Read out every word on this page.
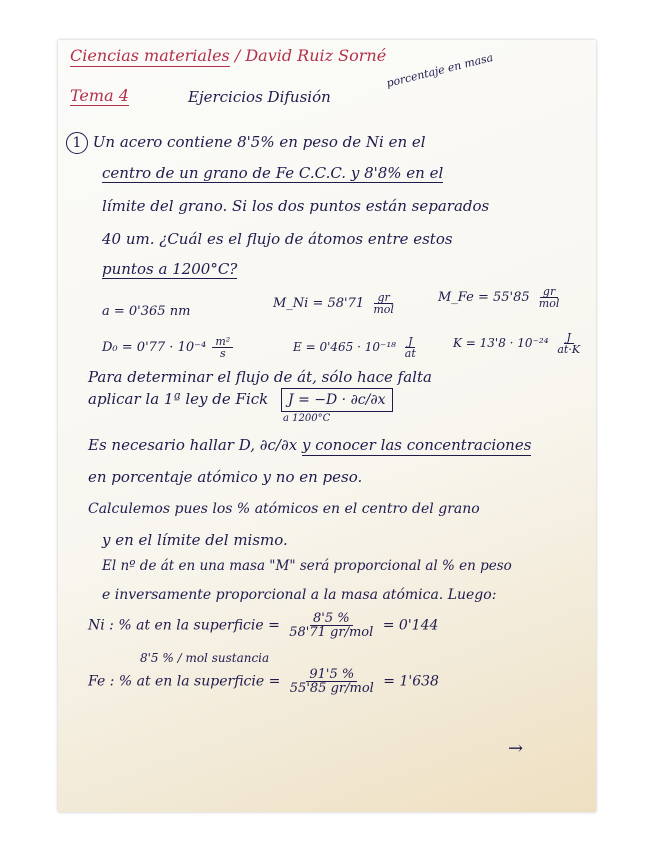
Ciencias materiales / David Ruiz Sorné
Tema 4	Ejercicios Difusión
porcentaje en masa
1 Un acero contiene 8'5% en peso de Ni en el
centro de un grano de Fe C.C.C. y 8'8% en el
límite del grano. Si los dos puntos están separados
40 um. ¿Cuál es el flujo de átomos entre estos
puntos a 1200°C?
a = 0'365 nm
M_Ni = $58'71 \frac{gr}{\text{mol}}$	M_Fe = $55'85 \frac{gr}{\text{mol}}$
$D_0 = 0'77 \cdot 10^{-4} \frac{\text{m²}}{s}$	$E = 0'465 \cdot 10^{-18} \frac{J}{at}$	$K = 13'8 \cdot 10^{-24} \frac{J}{at\cdot K}$
Para determinar el flujo de át, sólo hace falta
aplicar la 1ª ley de Fick J = −D · ∂c/∂x
a 1200°C
Es necesario hallar D, ∂c/∂x y conocer las concentraciones
en porcentaje atómico y no en peso.
Calculemos pues los % atómicos en el centro del grano
y en el límite del mismo.
El nº de át en una masa "M" será proporcional al % en peso
e inversamente proporcional a la masa atómica. Luego:
Ni : % at en la superficie = $\frac{8'5 \%}{\text{58'71 gr/mol}} = 0'144$
8'5 % / mol sustancia
Fe : % at en la superficie = $\frac{91'5 \%}{\text{55'85 gr/mol}} = 1'638$
→
